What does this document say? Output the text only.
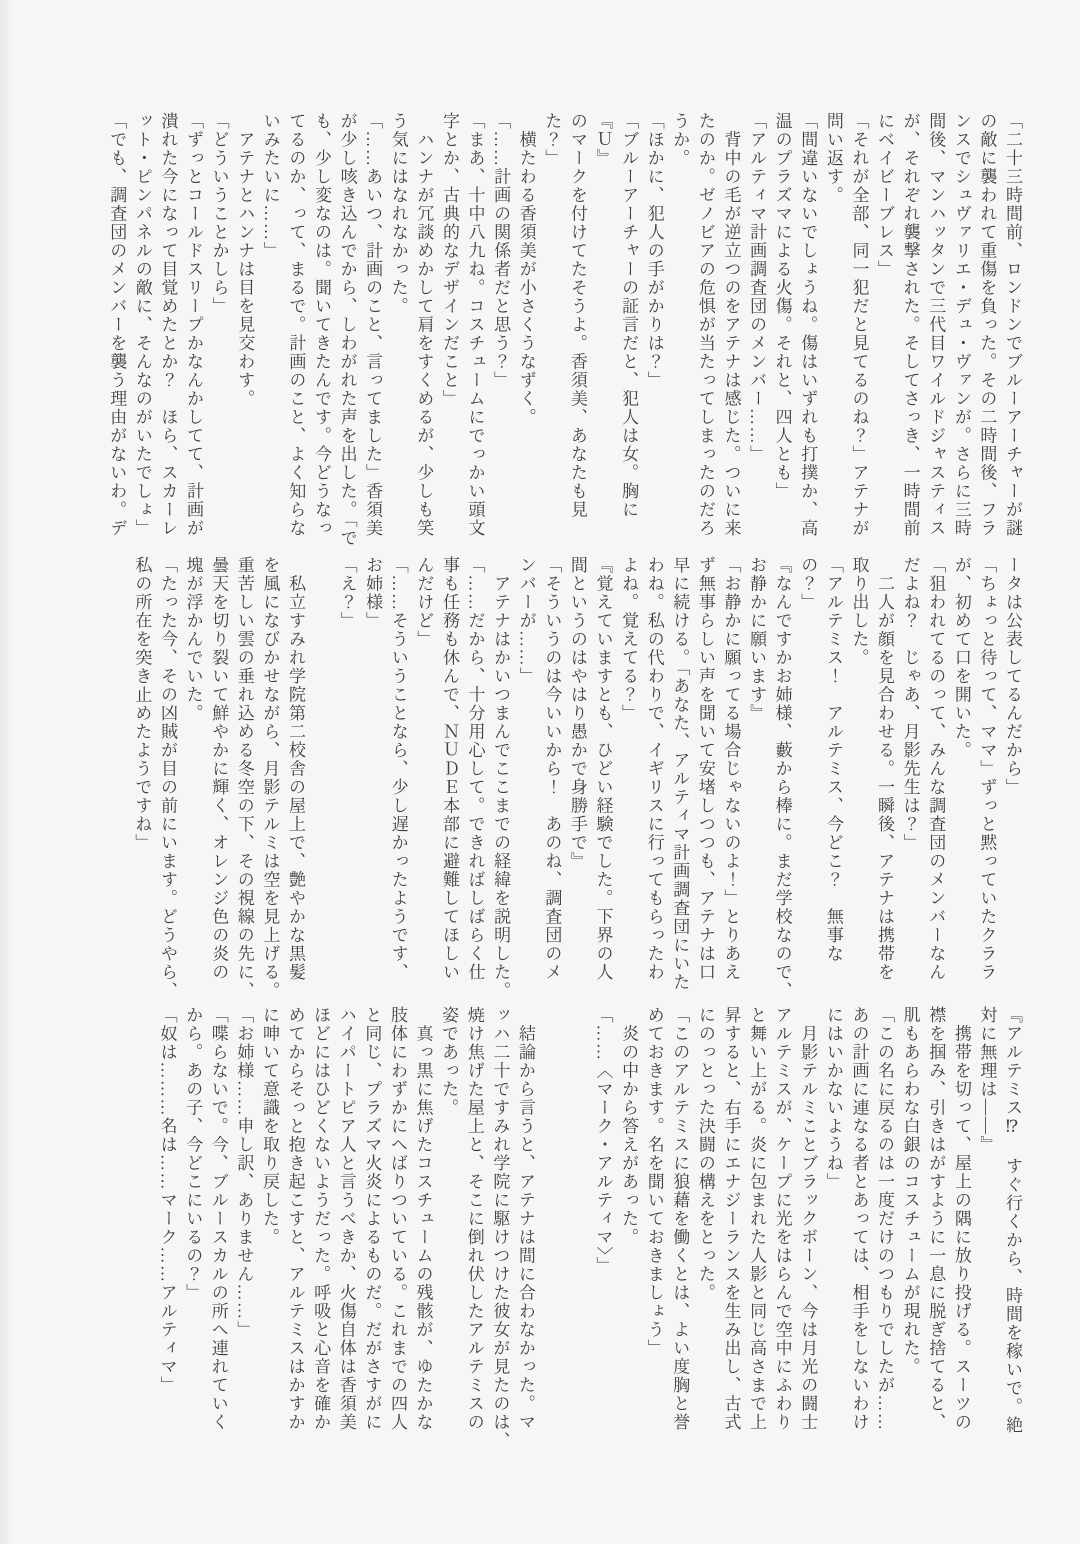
「二十三時間前、ロンドンでブルーアーチャーが謎

の敵に襲われて重傷を負った。その二時間後、フラ

ンスでシュヴァリエ・デュ・ヴァンが。さらに三時

間後、マンハッタンで三代目ワイルドジャスティス

が、それぞれ襲撃された。そしてさっき、一時間前

にベイビーブレス」

「それが全部、同一犯だと見てるのね？」アテナが

問い返す。

「間違いないでしょうね。傷はいずれも打撲か、高

温のプラズマによる火傷。それと、四人とも」

「アルティマ計画調査団のメンバー……」

　背中の毛が逆立つのをアテナは感じた。ついに来

たのか。ゼノビアの危惧が当たってしまったのだろ

うか。

「ほかに、犯人の手がかりは？」

「ブルーアーチャーの証言だと、犯人は女。胸に『Ｕ』

のマークを付けてたそうよ。香須美、あなたも見

た？」

　横たわる香須美が小さくうなずく。

「……計画の関係者だと思う？」

「まあ、十中八九ね。コスチュームにでっかい頭文

字とか、古典的なデザインだこと」

　ハンナが冗談めかして肩をすくめるが、少しも笑

う気にはなれなかった。

「……あいつ、計画のこと、言ってました」香須美

が少し咳き込んでから、しわがれた声を出した。「で

も、少し変なのは。聞いてきたんです。今どうなっ

てるのか、って、まるで。計画のこと、よく知らな

いみたいに……」

　アテナとハンナは目を見交わす。

「どういうことかしら」

「ずっとコールドスリープかなんかしてて、計画が

潰れた今になって目覚めたとか？　ほら、スカーレ

ット・ピンパネルの敵に、そんなのがいたでしょ」

「でも、調査団のメンバーを襲う理由がないわ。デ

ータは公表してるんだから」

「ちょっと待って、ママ」ずっと黙っていたクララ

が、初めて口を開いた。

「狙われてるのって、みんな調査団のメンバーなん

だよね？　じゃあ、月影先生は？」

　二人が顔を見合わせる。一瞬後、アテナは携帯を

取り出した。

「アルテミス！　アルテミス、今どこ？　無事な

の？」

『なんですかお姉様、藪から棒に。まだ学校なので、

お静かに願います』

「お静かに願ってる場合じゃないのよ！」とりあえ

ず無事らしい声を聞いて安堵しつつも、アテナは口

早に続ける。「あなた、アルティマ計画調査団にいた

わね。私の代わりで、イギリスに行ってもらったわ

よね。覚えてる？」

『覚えていますとも、ひどい経験でした。下界の人

間というのはやはり愚かで身勝手で』

「そういうのは今いいから！　あのね、調査団のメ

ンバーが……」

　アテナはかいつまんでここまでの経緯を説明した。

「……だから、十分用心して。できればしばらく仕

事も任務も休んで、ＮＵＤＥ本部に避難してほしい

んだけど」

「……そういうことなら、少し遅かったようです、

お姉様」

「え？」

　私立すみれ学院第二校舎の屋上で、艶やかな黒髪

を風になびかせながら、月影テルミは空を見上げる。

重苦しい雲の垂れ込める冬空の下、その視線の先に、

曇天を切り裂いて鮮やかに輝く、オレンジ色の炎の

塊が浮かんでいた。

「たった今、その凶賊が目の前にいます。どうやら、

私の所在を突き止めたようですね」

『アルテミス⁉　すぐ行くから、時間を稼いで。絶

対に無理は――』

　携帯を切って、屋上の隅に放り投げる。スーツの

襟を掴み、引きはがすように一息に脱ぎ捨てると、

肌もあらわな白銀のコスチュームが現れた。

「この名に戻るのは一度だけのつもりでしたが……

あの計画に連なる者とあっては、相手をしないわけ

にはいかないようね」

　月影テルミことブラックボーン、今は月光の闘士

アルテミスが、ケープに光をはらんで空中にふわり

と舞い上がる。炎に包まれた人影と同じ高さまで上

昇すると、右手にエナジーランスを生み出し、古式

にのっとった決闘の構えをとった。

「このアルテミスに狼藉を働くとは、よい度胸と誉

めておきます。名を聞いておきましょう」

　炎の中から答えがあった。

「……〈マーク・アルティマ〉」

　結論から言うと、アテナは間に合わなかった。マ

ッハ二十ですみれ学院に駆けつけた彼女が見たのは、

焼け焦げた屋上と、そこに倒れ伏したアルテミスの

姿であった。

　真っ黒に焦げたコスチュームの残骸が、ゆたかな

肢体にわずかにへばりついている。これまでの四人

と同じ、プラズマ火炎によるものだ。だがさすがに

ハイパートピア人と言うべきか、火傷自体は香須美

ほどにはひどくないようだった。呼吸と心音を確か

めてからそっと抱き起こすと、アルテミスはかすか

に呻いて意識を取り戻した。

「お姉様……申し訳、ありません……」

「喋らないで。今、ブルースカルの所へ連れていく

から。あの子、今どこにいるの？」

「奴は………名は……マーク……アルティマ」
